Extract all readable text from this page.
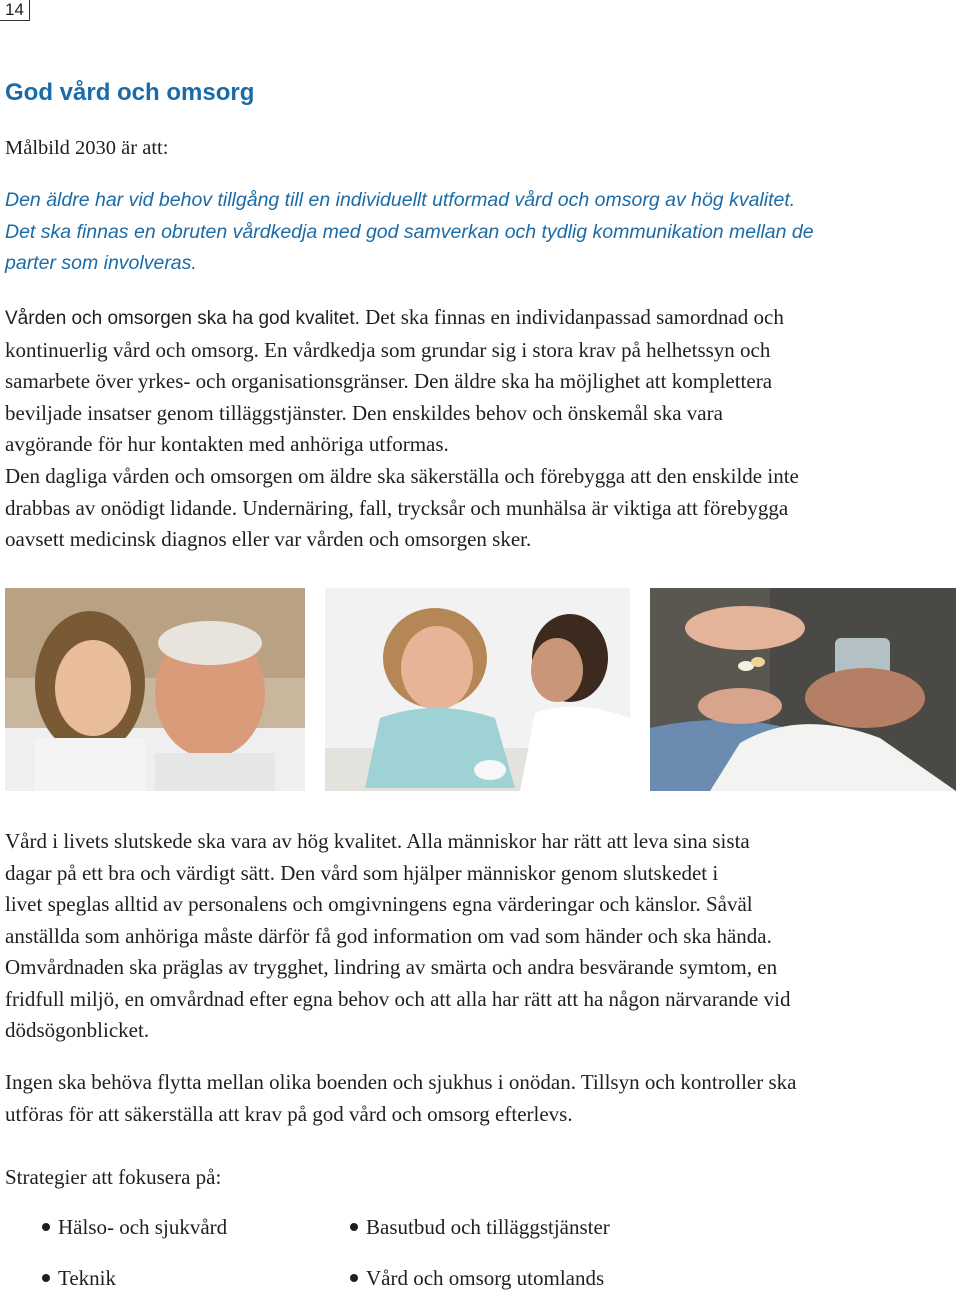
14
God vård och omsorg

Målbild 2030 är att:

Den äldre har vid behov tillgång till en individuellt utformad vård och omsorg av hög kvalitet.
Det ska finnas en obruten vårdkedja med god samverkan och tydlig kommunikation mellan de
parter som involveras.

Vården och omsorgen ska ha god kvalitet. Det ska finnas en individanpassad samordnad och
kontinuerlig vård och omsorg. En vårdkedja som grundar sig i stora krav på helhetssyn och
samarbete över yrkes- och organisationsgränser. Den äldre ska ha möjlighet att komplettera
beviljade insatser genom tilläggstjänster. Den enskildes behov och önskemål ska vara
avgörande för hur kontakten med anhöriga utformas.
Den dagliga vården och omsorgen om äldre ska säkerställa och förebygga att den enskilde inte
drabbas av onödigt lidande. Undernäring, fall, trycksår och munhälsa är viktiga att förebygga
oavsett medicinsk diagnos eller var vården och omsorgen sker.

Vård i livets slutskede ska vara av hög kvalitet. Alla människor har rätt att leva sina sista
dagar på ett bra och värdigt sätt. Den vård som hjälper människor genom slutskedet i
livet speglas alltid av personalens och omgivningens egna värderingar och känslor. Såväl
anställda som anhöriga måste därför få god information om vad som händer och ska hända.
Omvårdnaden ska präglas av trygghet, lindring av smärta och andra besvärande symtom, en
fridfull miljö, en omvårdnad efter egna behov och att alla har rätt att ha någon närvarande vid
dödsögonblicket.

Ingen ska behöva flytta mellan olika boenden och sjukhus i onödan. Tillsyn och kontroller ska
utföras för att säkerställa att krav på god vård och omsorg efterlevs.

Strategier att fokusera på:

Hälso- och sjukvård	Basutbud och tilläggstjänster

Teknik	Vård och omsorg utomlands
